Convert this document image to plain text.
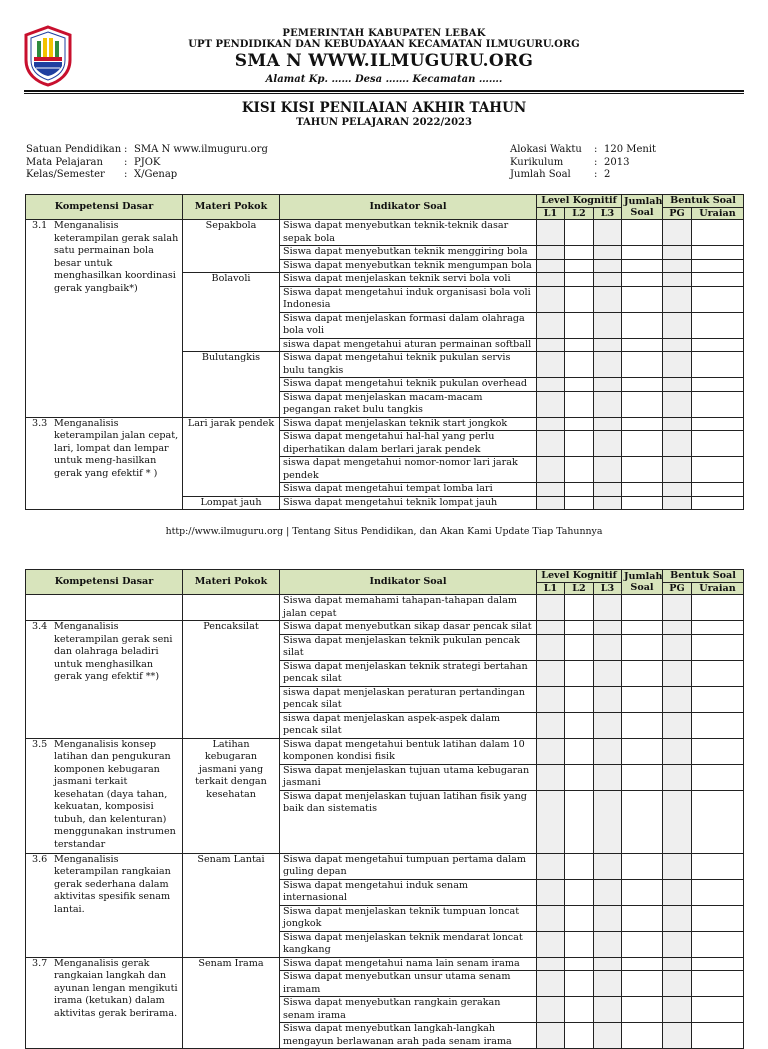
PEMERINTAH KABUPATEN LEBAK
UPT PENDIDIKAN DAN KEBUDAYAAN KECAMATAN ILMUGURU.ORG
SMA N WWW.ILMUGURU.ORG
Alamat Kp. …… Desa ……. Kecamatan …….
KISI KISI PENILAIAN AKHIR TAHUN
TAHUN PELAJARAN 2022/2023
Satuan Pendidikan : SMA N www.ilmuguru.org
Mata Pelajaran	: PJOK
Kelas/Semester	: X/Genap
Alokasi Waktu	: 120 Menit
Kurikulum	: 2013
Jumlah Soal	: 2
Kompetensi Dasar	Materi Pokok	Indikator Soal	Level Kognitif			Jumlah
Soal	Bentuk Soal	
			L1	L2	L3		PG	Uraian

3.1 Menganalisis keterampilan gerak salah satu permainan bola besar untuk menghasilkan koordinasi gerak yangbaik*)	Sepakbola	Siswa dapat menyebutkan teknik-teknik dasar sepak bola						
		Siswa dapat menyebutkan teknik menggiring bola						
		Siswa dapat menyebutkan teknik mengumpan bola						
	Bolavoli	Siswa dapat menjelaskan teknik servi bola voli						
		Siswa dapat mengetahui induk organisasi bola voli Indonesia						
		Siswa dapat menjelaskan formasi dalam olahraga bola voli						
		siswa dapat mengetahui aturan permainan softball						
	Bulutangkis	Siswa dapat mengetahui teknik pukulan servis bulu tangkis						
		Siswa dapat mengetahui teknik pukulan overhead						
		Siswa dapat menjelaskan macam-macam pegangan raket bulu tangkis						

3.3 Menganalisis keterampilan jalan cepat, lari, lompat dan lempar untuk meng-hasilkan gerak yang efektif * )	Lari jarak pendek	Siswa dapat menjelaskan teknik start jongkok						
		Siswa dapat mengetahui hal-hal yang perlu diperhatikan dalam berlari jarak pendek						
		siswa dapat mengetahui nomor-nomor lari jarak pendek						
		Siswa dapat mengetahui tempat lomba lari						
	Lompat jauh	Siswa dapat mengetahui teknik lompat jauh						
http://www.ilmuguru.org | Tentang Situs Pendidikan, dan Akan Kami Update Tiap Tahunnya
Kompetensi Dasar	Materi Pokok	Indikator Soal	Level Kognitif			Jumlah
Soal	Bentuk Soal	
			L1	L2	L3		PG	Uraian

		Siswa dapat memahami tahapan-tahapan dalam jalan cepat						

3.4 Menganalisis keterampilan gerak seni dan olahraga beladiri untuk menghasilkan gerak yang efektif **)	Pencaksilat	Siswa dapat menyebutkan sikap dasar pencak silat						
		Siswa dapat menjelaskan teknik pukulan pencak silat						
		Siswa dapat menjelaskan teknik strategi bertahan pencak silat						
		siswa dapat menjelaskan peraturan pertandingan pencak silat						
		siswa dapat menjelaskan aspek-aspek dalam pencak silat						

3.5 Menganalisis konsep latihan dan pengukuran komponen kebugaran jasmani terkait kesehatan (daya tahan, kekuatan, komposisi tubuh, dan kelenturan) menggunakan instrumen terstandar	Latihan kebugaran jasmani yang terkait dengan kesehatan	Siswa dapat mengetahui bentuk latihan dalam 10 komponen kondisi fisik						
		Siswa dapat menjelaskan tujuan utama kebugaran jasmani						
		Siswa dapat menjelaskan tujuan latihan fisik yang baik dan sistematis						

3.6 Menganalisis keterampilan rangkaian gerak sederhana dalam aktivitas spesifik senam lantai.	Senam Lantai	Siswa dapat mengetahui tumpuan pertama dalam guling depan						
		Siswa dapat mengetahui induk senam internasional						
		Siswa dapat menjelaskan teknik tumpuan loncat jongkok						
		Siswa dapat menjelaskan teknik mendarat loncat kangkang						

3.7 Menganalisis gerak rangkaian langkah dan ayunan lengan mengikuti irama (ketukan) dalam aktivitas gerak berirama.	Senam Irama	Siswa dapat mengetahui nama lain senam irama						
		Siswa dapat menyebutkan unsur utama senam iramam						
		Siswa dapat menyebutkan rangkain gerakan senam irama						
		Siswa dapat menyebutkan langkah-langkah mengayun berlawanan arah pada senam irama						
